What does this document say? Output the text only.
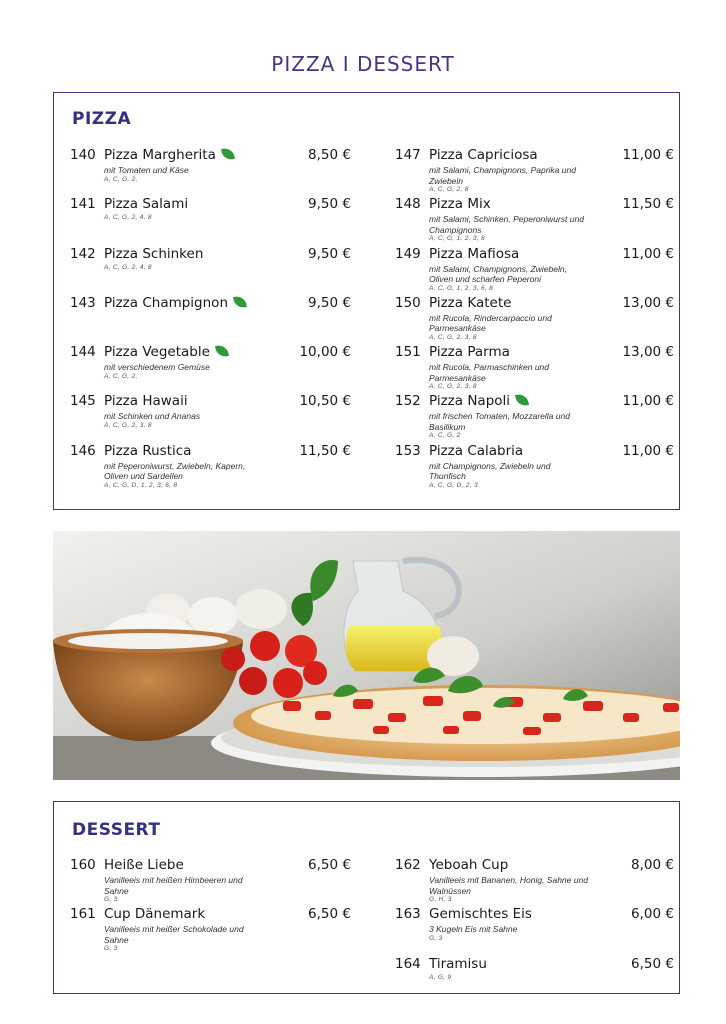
PIZZA I DESSERT
PIZZA
140 Pizza Margherita	8,50 €
mit Tomaten und Käse
A, C, G, 2,
141 Pizza Salami	9,50 €
A, C, G, 2, 4, 8
142 Pizza Schinken	9,50 €
A, C, G, 2, 4, 8
143 Pizza Champignon	9,50 €
144 Pizza Vegetable	10,00 €
mit verschiedenem Gemüse
A, C, G, 2,
145 Pizza Hawaii	10,50 €
mit Schinken und Ananas
A, C, G, 2, 3, 8
146 Pizza Rustica	11,50 €
mit Peperoniwurst, Zwiebeln, Kapern, Oliven und Sardellen
A, C, G, D, 1, 2, 3, 6, 8
147 Pizza Capriciosa	11,00 €
mit Salami, Champignons, Paprika und Zwiebeln
A, C, G, 2, 8
148 Pizza Mix	11,50 €
mit Salami, Schinken, Peperoniwurst und Champignons
A, C, G, 1, 2, 3, 8
149 Pizza Mafiosa	11,00 €
mit Salami, Champignons, Zwiebeln, Oliven und scharfen Peperoni
A, C, G, 1, 2, 3, 6, 8
150 Pizza Katete	13,00 €
mit Rucola, Rindercarpaccio und Parmesankäse
A, C, G, 2, 3, 8
151 Pizza Parma	13,00 €
mit Rucola, Parmaschinken und Parmesankäse
A, C, G, 2, 3, 8
152 Pizza Napoli	11,00 €
mit frischen Tomaten, Mozzarella und Basilikum
A, C, G, 2
153 Pizza Calabria	11,00 €
mit Champignons, Zwiebeln und Thunfisch
A, C, G, D, 2, 3
DESSERT
160 Heiße Liebe	6,50 €
Vanilleeis mit heißen Himbeeren und Sahne
G, 3
161 Cup Dänemark	6,50 €
Vanilleeis mit heißer Schokolade und Sahne
G, 3
162 Yeboah Cup	8,00 €
Vanilleeis mit Bananen, Honig, Sahne und Walnüssen
G, H, 3
163 Gemischtes Eis	6,00 €
3 Kugeln Eis mit Sahne
G, 3
164 Tiramisu	6,50 €
A, G, 9
